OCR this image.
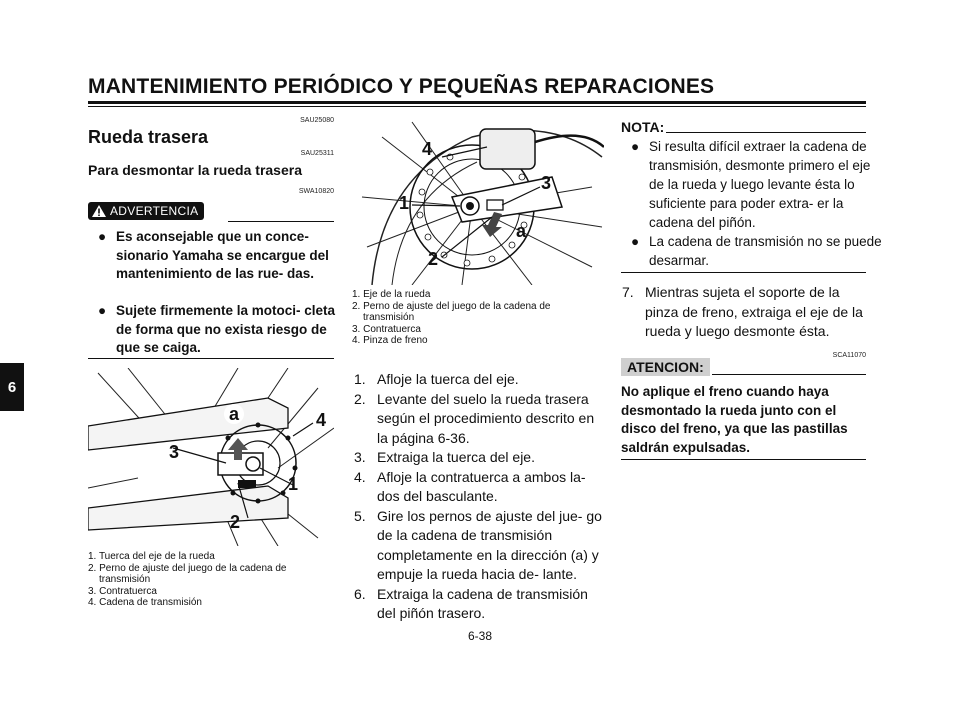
MANTENIMIENTO PERIÓDICO Y PEQUEÑAS REPARACIONES
6
SAU25080
Rueda trasera
SAU25311
Para desmontar la rueda trasera
SWA10820
ADVERTENCIA
● Es aconsejable que un conce- sionario Yamaha se encargue del mantenimiento de las rue- das.
● Sujete firmemente la motoci- cleta de forma que no exista riesgo de que se caiga.
a	4
3
1
2
1. Tuerca del eje de la rueda
2. Perno de ajuste del juego de la cadena de
transmisión
3. Contratuerca
4. Cadena de transmisión
4
3
1
a
2
1. Eje de la rueda
2. Perno de ajuste del juego de la cadena de
transmisión
3. Contratuerca
4. Pinza de freno
1. Afloje la tuerca del eje.
2. Levante del suelo la rueda trasera según el procedimiento descrito en la página 6-36.
3. Extraiga la tuerca del eje.
4. Afloje la contratuerca a ambos la- dos del basculante.
5. Gire los pernos de ajuste del jue- go de la cadena de transmisión completamente en la dirección (a) y empuje la rueda hacia de- lante.
6. Extraiga la cadena de transmisión del piñón trasero.
NOTA:
● Si resulta difícil extraer la cadena de transmisión, desmonte primero el eje de la rueda y luego levante ésta lo suficiente para poder extra- er la cadena del piñón.
● La cadena de transmisión no se puede desarmar.
7. Mientras sujeta el soporte de la pinza de freno, extraiga el eje de la rueda y luego desmonte ésta.
SCA11070
ATENCION:
No aplique el freno cuando haya desmontado la rueda junto con el disco del freno, ya que las pastillas saldrán expulsadas.
6-38
